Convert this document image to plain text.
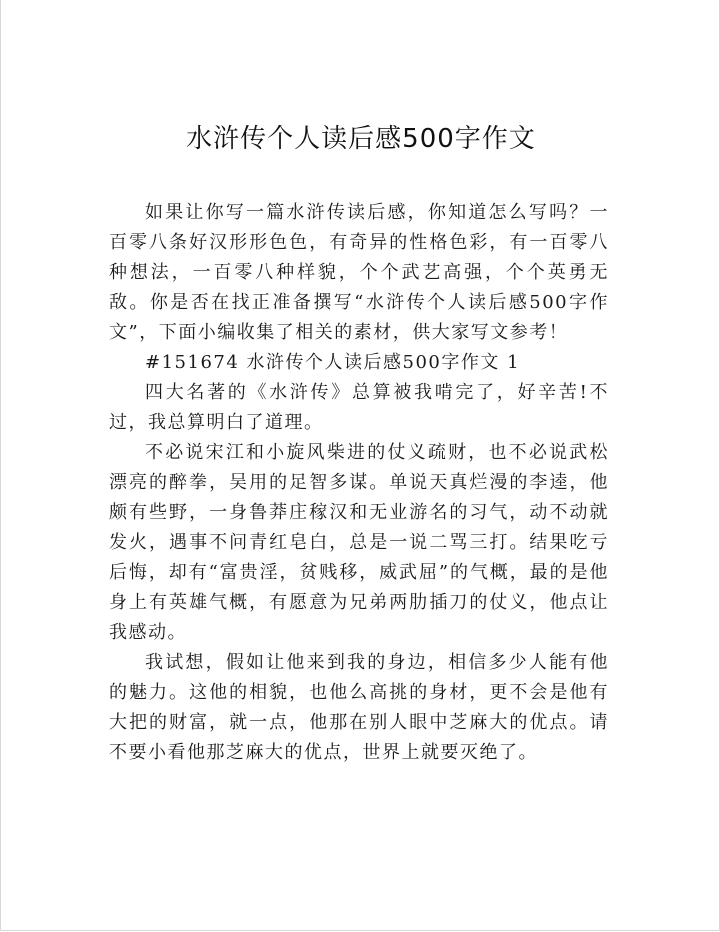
水浒传个人读后感500字作文

如果让你写一篇水浒传读后感，你知道怎么写吗？一百零八条好汉形形色色，有奇异的性格色彩，有一百零八种想法，一百零八种样貌，个个武艺高强，个个英勇无敌。你是否在找正准备撰写“水浒传个人读后感500字作文”，下面小编收集了相关的素材，供大家写文参考！

#151674 水浒传个人读后感500字作文 1

四大名著的《水浒传》总算被我啃完了，好辛苦!不过，我总算明白了道理。

不必说宋江和小旋风柴进的仗义疏财，也不必说武松漂亮的醉拳，吴用的足智多谋。单说天真烂漫的李逵，他颇有些野，一身鲁莽庄稼汉和无业游名的习气，动不动就发火，遇事不问青红皂白，总是一说二骂三打。结果吃亏后悔，却有“富贵淫，贫贱移，威武屈”的气概，最的是他身上有英雄气概，有愿意为兄弟两肋插刀的仗义，他点让我感动。

我试想，假如让他来到我的身边，相信多少人能有他的魅力。这他的相貌，也他么高挑的身材，更不会是他有大把的财富，就一点，他那在别人眼中芝麻大的优点。请不要小看他那芝麻大的优点，世界上就要灭绝了。
